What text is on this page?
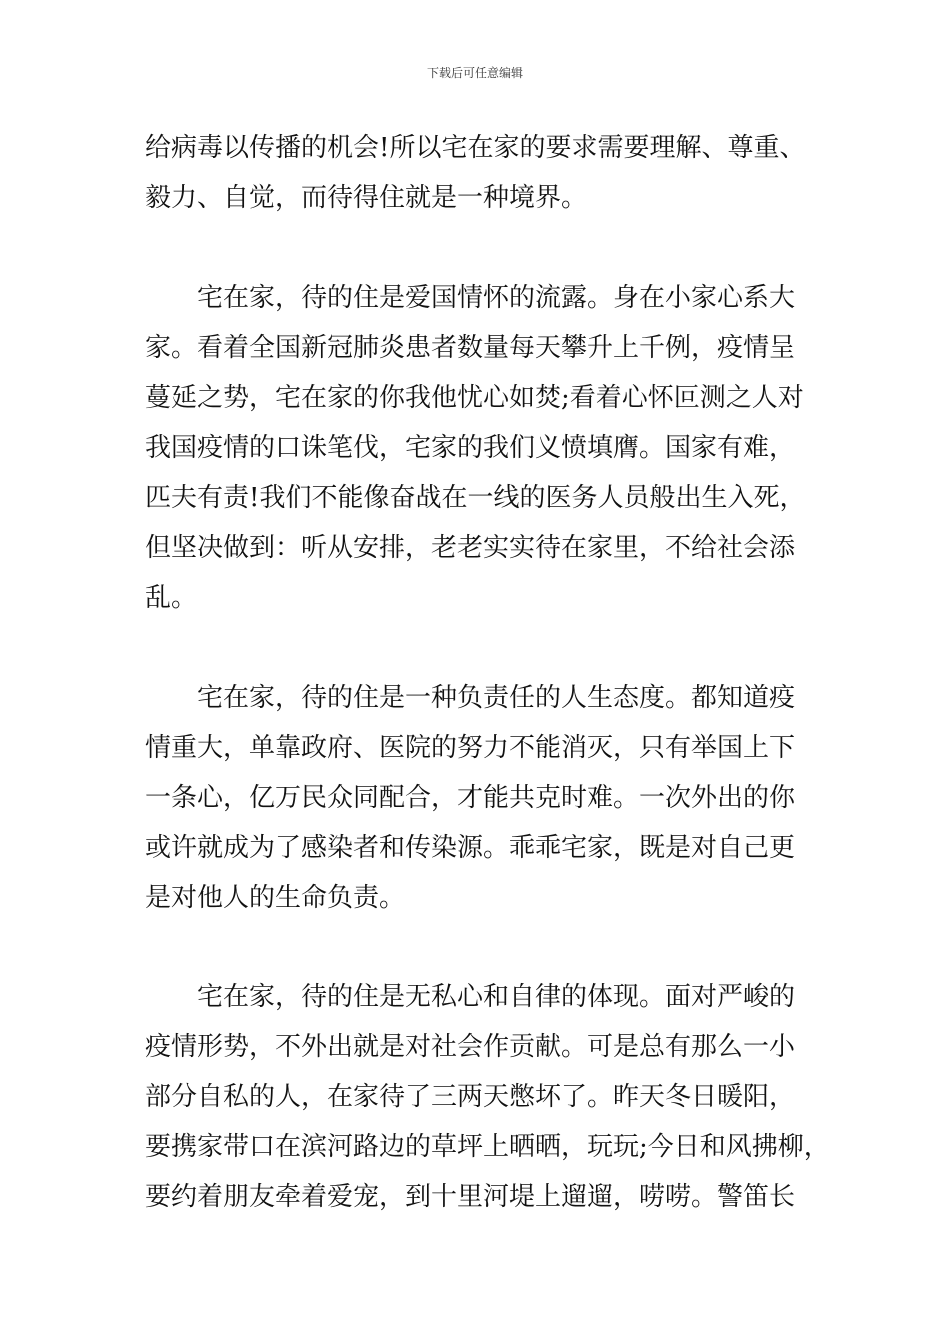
下载后可任意编辑
给病毒以传播的机会!所以宅在家的要求需要理解、尊重、
毅力、自觉，而待得住就是一种境界。
宅在家，待的住是爱国情怀的流露。身在小家心系大
家。看着全国新冠肺炎患者数量每天攀升上千例，疫情呈
蔓延之势，宅在家的你我他忧心如焚;看着心怀叵测之人对
我国疫情的口诛笔伐，宅家的我们义愤填膺。国家有难，
匹夫有责!我们不能像奋战在一线的医务人员般出生入死，
但坚决做到：听从安排，老老实实待在家里，不给社会添
乱。
宅在家，待的住是一种负责任的人生态度。都知道疫
情重大，单靠政府、医院的努力不能消灭，只有举国上下
一条心，亿万民众同配合，才能共克时难。一次外出的你
或许就成为了感染者和传染源。乖乖宅家，既是对自己更
是对他人的生命负责。
宅在家，待的住是无私心和自律的体现。面对严峻的
疫情形势，不外出就是对社会作贡献。可是总有那么一小
部分自私的人，在家待了三两天憋坏了。昨天冬日暖阳，
要携家带口在滨河路边的草坪上晒晒，玩玩;今日和风拂柳，
要约着朋友牵着爱宠，到十里河堤上遛遛，唠唠。警笛长
